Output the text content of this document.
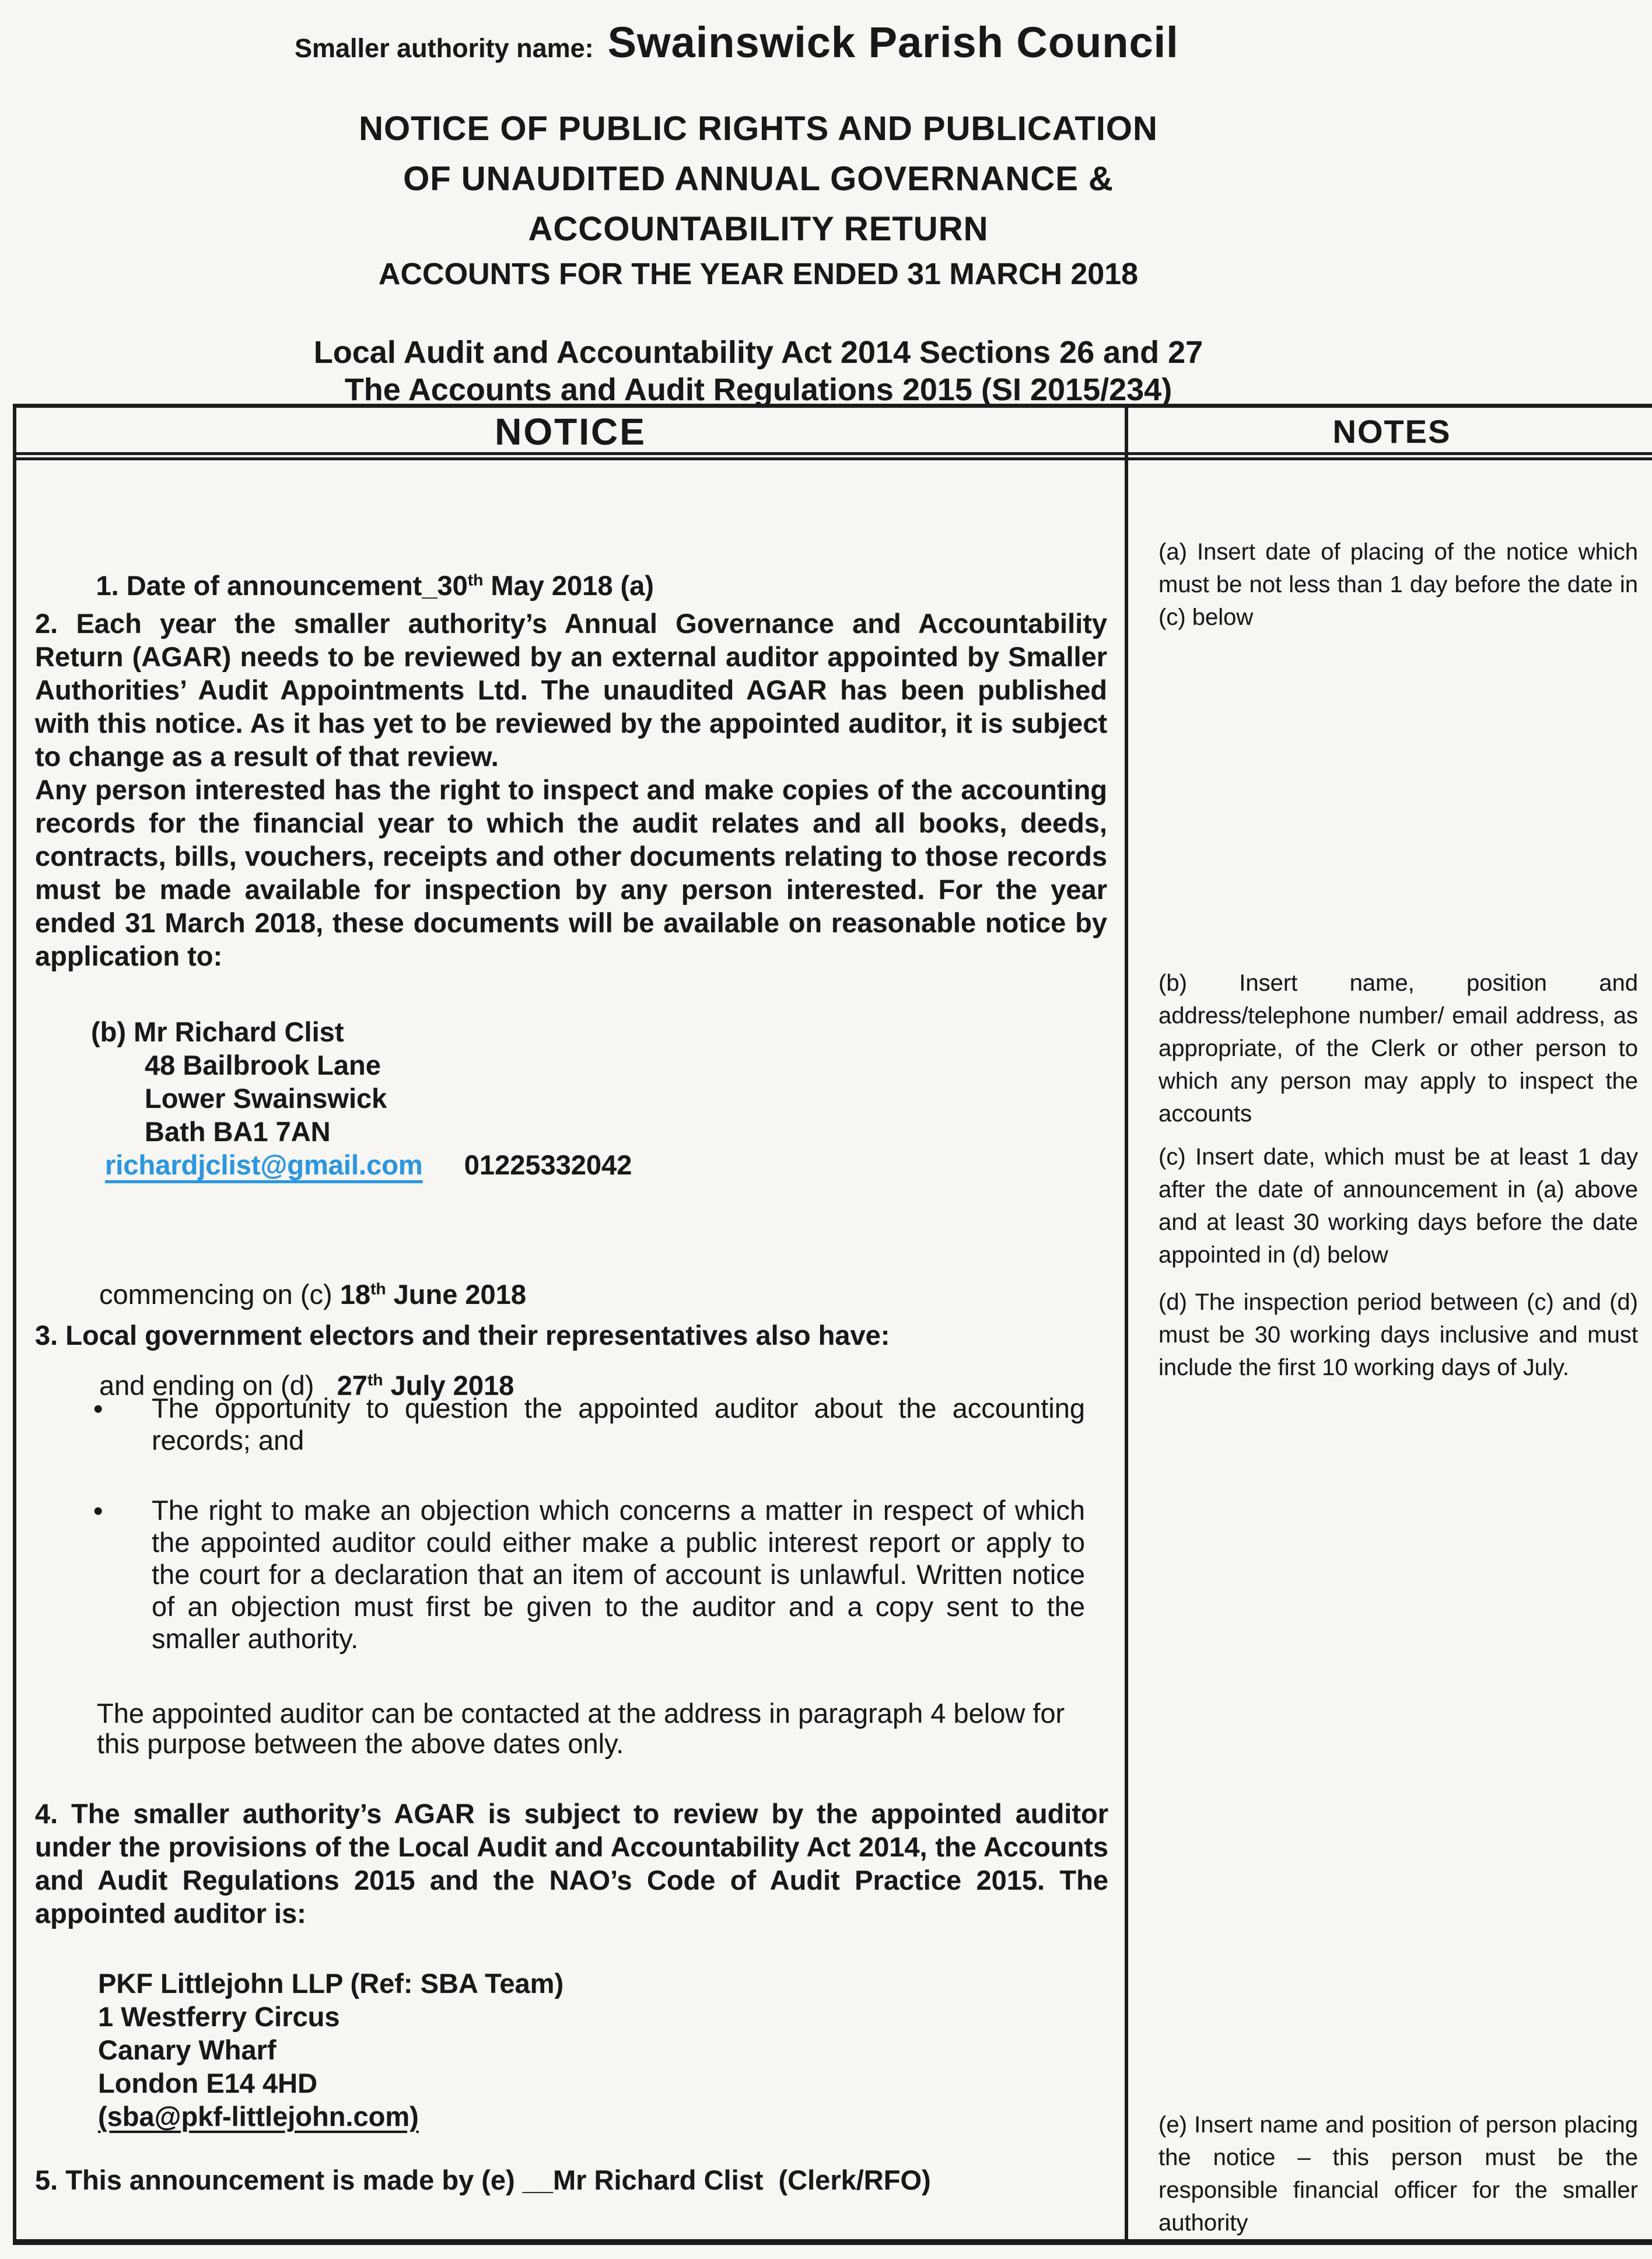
Smaller authority name: Swainswick Parish Council
NOTICE OF PUBLIC RIGHTS AND PUBLICATION
OF UNAUDITED ANNUAL GOVERNANCE &
ACCOUNTABILITY RETURN
ACCOUNTS FOR THE YEAR ENDED 31 MARCH 2018
Local Audit and Accountability Act 2014 Sections 26 and 27
The Accounts and Audit Regulations 2015 (SI 2015/234)
NOTICE	NOTES

1. Date of announcement_30th May 2018 (a)

2. Each year the smaller authority’s Annual Governance and Accountability Return (AGAR) needs to be reviewed by an external auditor appointed by Smaller Authorities’ Audit Appointments Ltd. The unaudited AGAR has been published with this notice. As it has yet to be reviewed by the appointed auditor, it is subject to change as a result of that review.

Any person interested has the right to inspect and make copies of the accounting records for the financial year to which the audit relates and all books, deeds, contracts, bills, vouchers, receipts and other documents relating to those records must be made available for inspection by any person interested. For the year ended 31 March 2018, these documents will be available on reasonable notice by application to:

(b) Mr Richard Clist
48 Bailbrook Lane
Lower Swainswick
Bath BA1 7AN
richardjclist@gmail.com 01225332042

commencing on (c) 18th June 2018

and ending on (d)   27th July 2018

3. Local government electors and their representatives also have:
•	The opportunity to question the appointed auditor about the accounting records; and
•	The right to make an objection which concerns a matter in respect of which the appointed auditor could either make a public interest report or apply to the court for a declaration that an item of account is unlawful. Written notice of an objection must first be given to the auditor and a copy sent to the smaller authority.
The appointed auditor can be contacted at the address in paragraph 4 below for this purpose between the above dates only.
4. The smaller authority’s AGAR is subject to review by the appointed auditor under the provisions of the Local Audit and Accountability Act 2014, the Accounts and Audit Regulations 2015 and the NAO’s Code of Audit Practice 2015. The appointed auditor is:
PKF Littlejohn LLP (Ref: SBA Team)
1 Westferry Circus
Canary Wharf
London E14 4HD
(sba@pkf-littlejohn.com)
5. This announcement is made by (e) __Mr Richard Clist  (Clerk/RFO)
(a) Insert date of placing of the notice which must be not less than 1 day before the date in (c) below
(b) Insert name, position and address/telephone number/ email address, as appropriate, of the Clerk or other person to which any person may apply to inspect the accounts
(c) Insert date, which must be at least 1 day after the date of announcement in (a) above and at least 30 working days before the date appointed in (d) below
(d) The inspection period between (c) and (d) must be 30 working days inclusive and must include the first 10 working days of July.
(e) Insert name and position of person placing the notice – this person must be the responsible financial officer for the smaller authority
